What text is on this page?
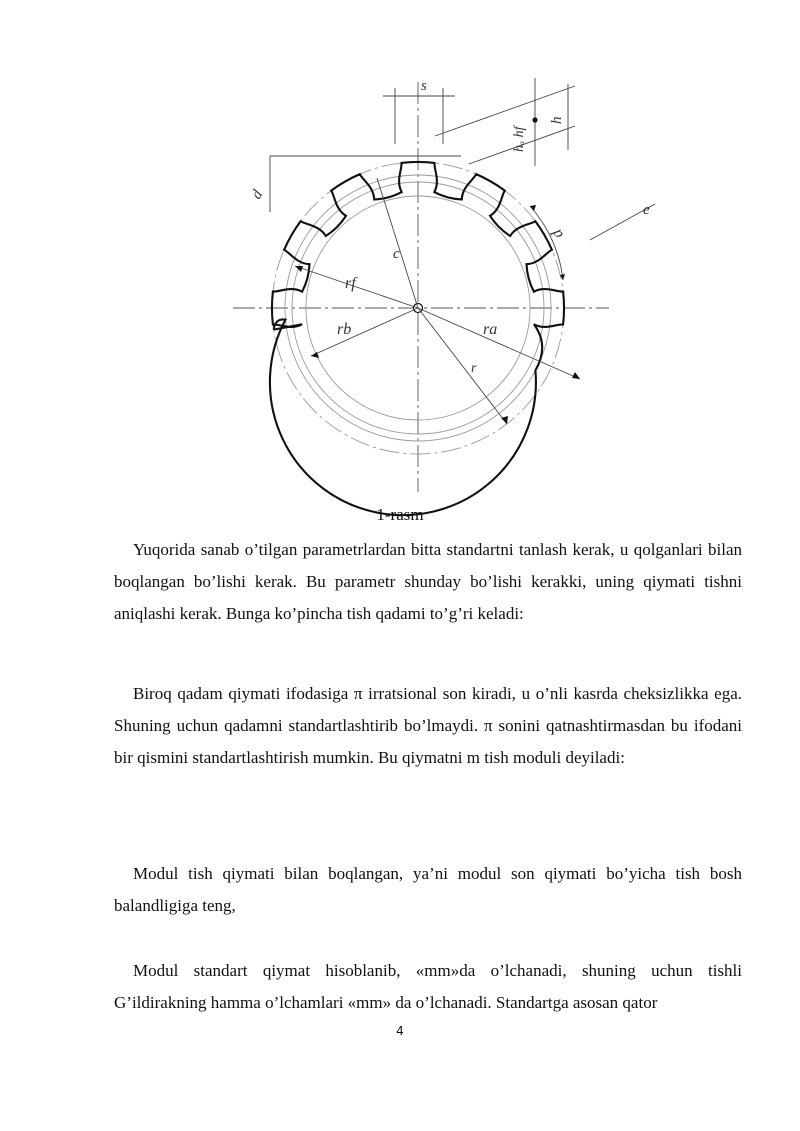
s
e
hₐ hf
h
d
p
c
rf
rb	ra
r
1-rasm

Yuqorida sanab o’tilgan parametrlardan bitta standartni tanlash kerak, u qolganlari bilan boqlangan bo’lishi kerak. Bu parametr shunday bo’lishi kerakki, uning qiymati tishni aniqlashi kerak. Bunga ko’pincha tish qadami to’g’ri keladi:

Biroq qadam qiymati ifodasiga π irratsional son kiradi, u o’nli kasrda cheksizlikka ega. Shuning uchun qadamni standartlashtirib bo’lmaydi. π sonini qatnashtirmasdan bu ifodani bir qismini standartlashtirish mumkin. Bu qiymatni m tish moduli deyiladi:

Modul tish qiymati bilan boqlangan, ya’ni modul son qiymati bo’yicha tish bosh balandligiga teng,

Modul standart qiymat hisoblanib, «mm»da o’lchanadi, shuning uchun tishli G’ildirakning hamma o’lchamlari «mm» da o’lchanadi. Standartga asosan qator

4
